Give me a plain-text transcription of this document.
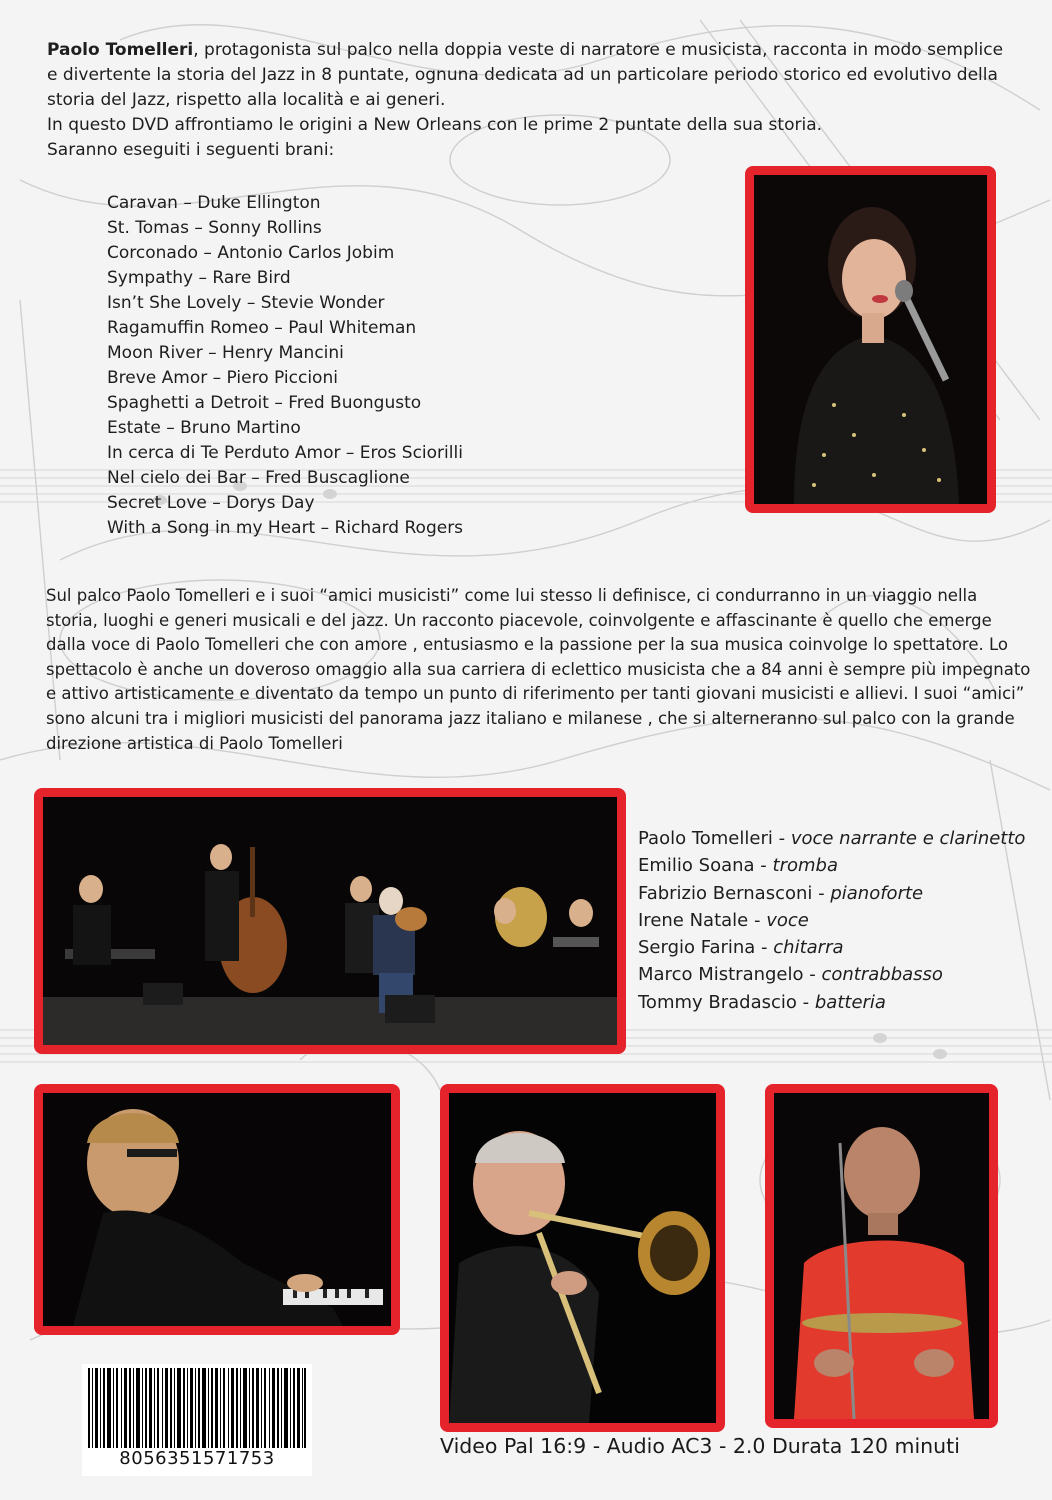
Paolo Tomelleri, protagonista sul palco nella doppia veste di narratore e musicista, racconta in modo semplice e divertente la storia del Jazz in 8 puntate, ognuna dedicata ad un particolare periodo storico ed evolutivo della storia del Jazz, rispetto alla località e ai generi.

In questo DVD affrontiamo le origini a New Orleans con le prime 2 puntate della sua storia.

Saranno eseguiti i seguenti brani:

Caravan – Duke Ellington
St. Tomas – Sonny Rollins
Corconado – Antonio Carlos Jobim
Sympathy – Rare Bird
Isn’t She Lovely – Stevie Wonder
Ragamuffin Romeo – Paul Whiteman
Moon River – Henry Mancini
Breve Amor – Piero Piccioni
Spaghetti a Detroit – Fred Buongusto
Estate – Bruno Martino
In cerca di Te Perduto Amor – Eros Sciorilli
Nel cielo dei Bar – Fred Buscaglione
Secret Love – Dorys Day
With a Song in my Heart – Richard Rogers

Sul palco Paolo Tomelleri e i suoi “amici musicisti” come lui stesso li definisce, ci condurranno in un viaggio nella storia, luoghi e generi musicali e del jazz. Un racconto piacevole, coinvolgente e affascinante è quello che emerge dalla voce di Paolo Tomelleri che con amore , entusiasmo e la passione per la sua musica coinvolge lo spettatore. Lo spettacolo è anche un doveroso omaggio alla sua carriera di eclettico musicista che a 84 anni è sempre più impegnato e attivo artisticamente e diventato da tempo un punto di riferimento per tanti giovani musicisti e allievi. I suoi “amici” sono alcuni tra i migliori musicisti del panorama jazz italiano e milanese , che si alterneranno sul palco con la grande direzione artistica di Paolo Tomelleri

Paolo Tomelleri - voce narrante e clarinetto
Emilio Soana - tromba
Fabrizio Bernasconi - pianoforte
Irene Natale - voce
Sergio Farina - chitarra
Marco Mistrangelo - contrabbasso
Tommy Bradascio - batteria
8056351571753
Video Pal 16:9 - Audio AC3 - 2.0 Durata 120 minuti
